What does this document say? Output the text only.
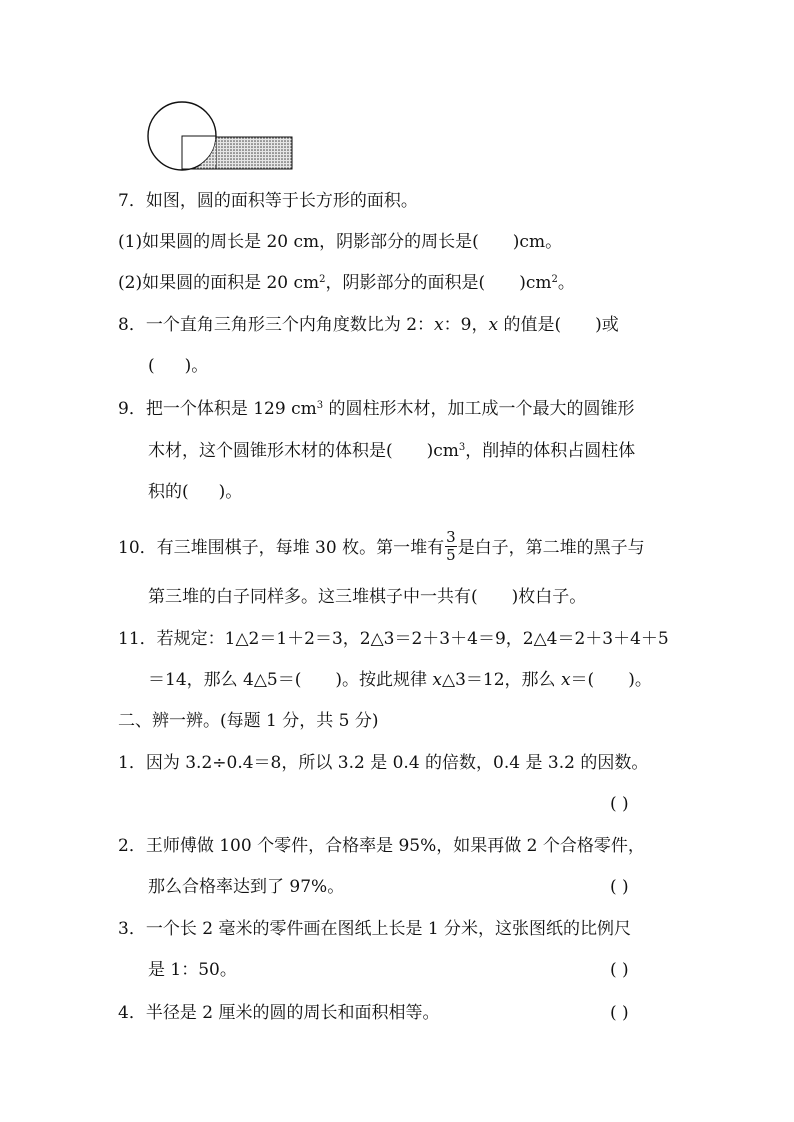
7．如图，圆的面积等于长方形的面积。
(1)如果圆的周长是 20 cm，阴影部分的周长是( )cm。
(2)如果圆的面积是 20 $cm^2$，阴影部分的面积是( )$cm^2$。
8．一个直角三角形三个内角度数比为 2：x：9，x 的值是( )或
( )。
9．把一个体积是 129 $cm^3$ 的圆柱形木材，加工成一个最大的圆锥形
木材，这个圆锥形木材的体积是( )$cm^3$，削掉的体积占圆柱体
积的( )。
10．有三堆围棋子，每堆 30 枚。第一堆有 $\frac{3}{5}$ 是白子，第二堆的黑子与
第三堆的白子同样多。这三堆棋子中一共有( )枚白子。
11．若规定：1△2＝1＋2＝3，2△3＝2＋3＋4＝9，2△4＝2＋3＋4＋5
＝14，那么 4△5＝( )。按此规律 x△3＝12，那么 x＝( )。
二、辨一辨。(每题 1 分，共 5 分)
1．因为 3.2÷0.4＝8，所以 3.2 是 0.4 的倍数，0.4 是 3.2 的因数。
( )
2．王师傅做 100 个零件，合格率是 95%，如果再做 2 个合格零件，
那么合格率达到了 97%。	( )
3．一个长 2 毫米的零件画在图纸上长是 1 分米，这张图纸的比例尺
是 1：50。	( )
4．半径是 2 厘米的圆的周长和面积相等。	( )
